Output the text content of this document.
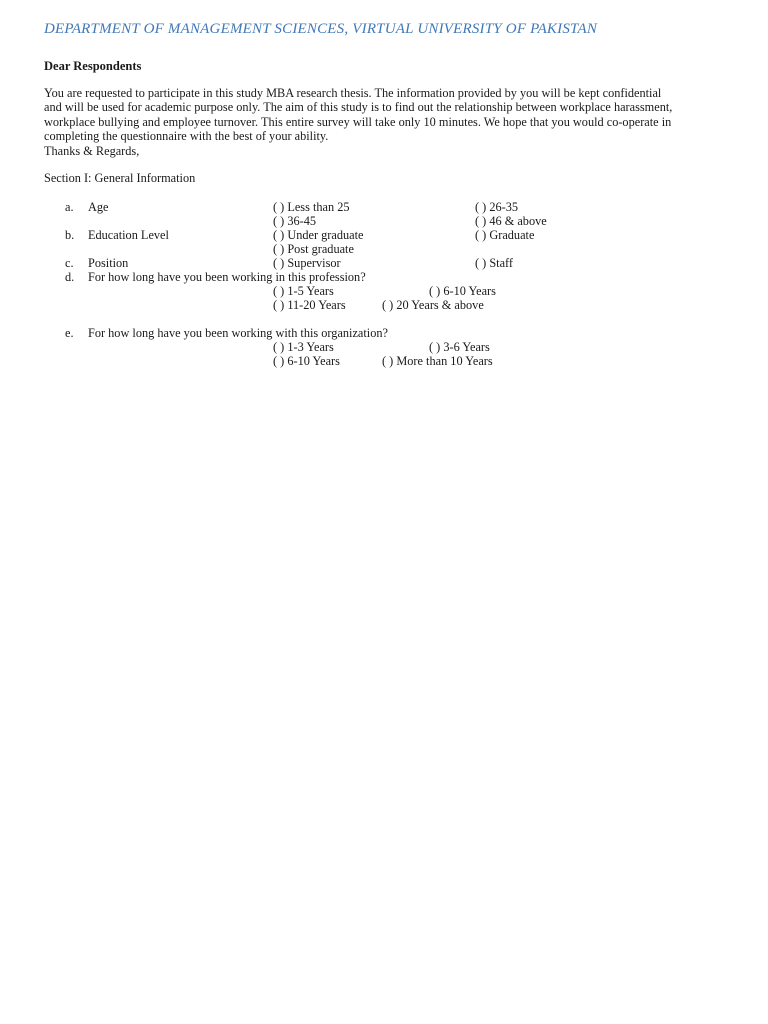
DEPARTMENT OF MANAGEMENT SCIENCES, VIRTUAL UNIVERSITY OF PAKISTAN
Dear Respondents

You are requested to participate in this study MBA research thesis. The information provided by you will be kept confidential
and will be used for academic purpose only. The aim of this study is to find out the relationship between workplace harassment,
workplace bullying and employee turnover. This entire survey will take only 10 minutes. We hope that you would co-operate in
completing the questionnaire with the best of your ability.

Thanks & Regards,
Section I: General Information
a. Age	( ) Less than 25	( ) 26-35
( ) 36-45	( ) 46 & above
b. Education Level	( ) Under graduate	( ) Graduate
( ) Post graduate
c. Position	( ) Supervisor	( ) Staff
d. For how long have you been working in this profession?
( ) 1-5 Years	( ) 6-10 Years
( ) 11-20 Years	( ) 20 Years & above
e. For how long have you been working with this organization?
( ) 1-3 Years	( ) 3-6 Years
( ) 6-10 Years	( ) More than 10 Years
